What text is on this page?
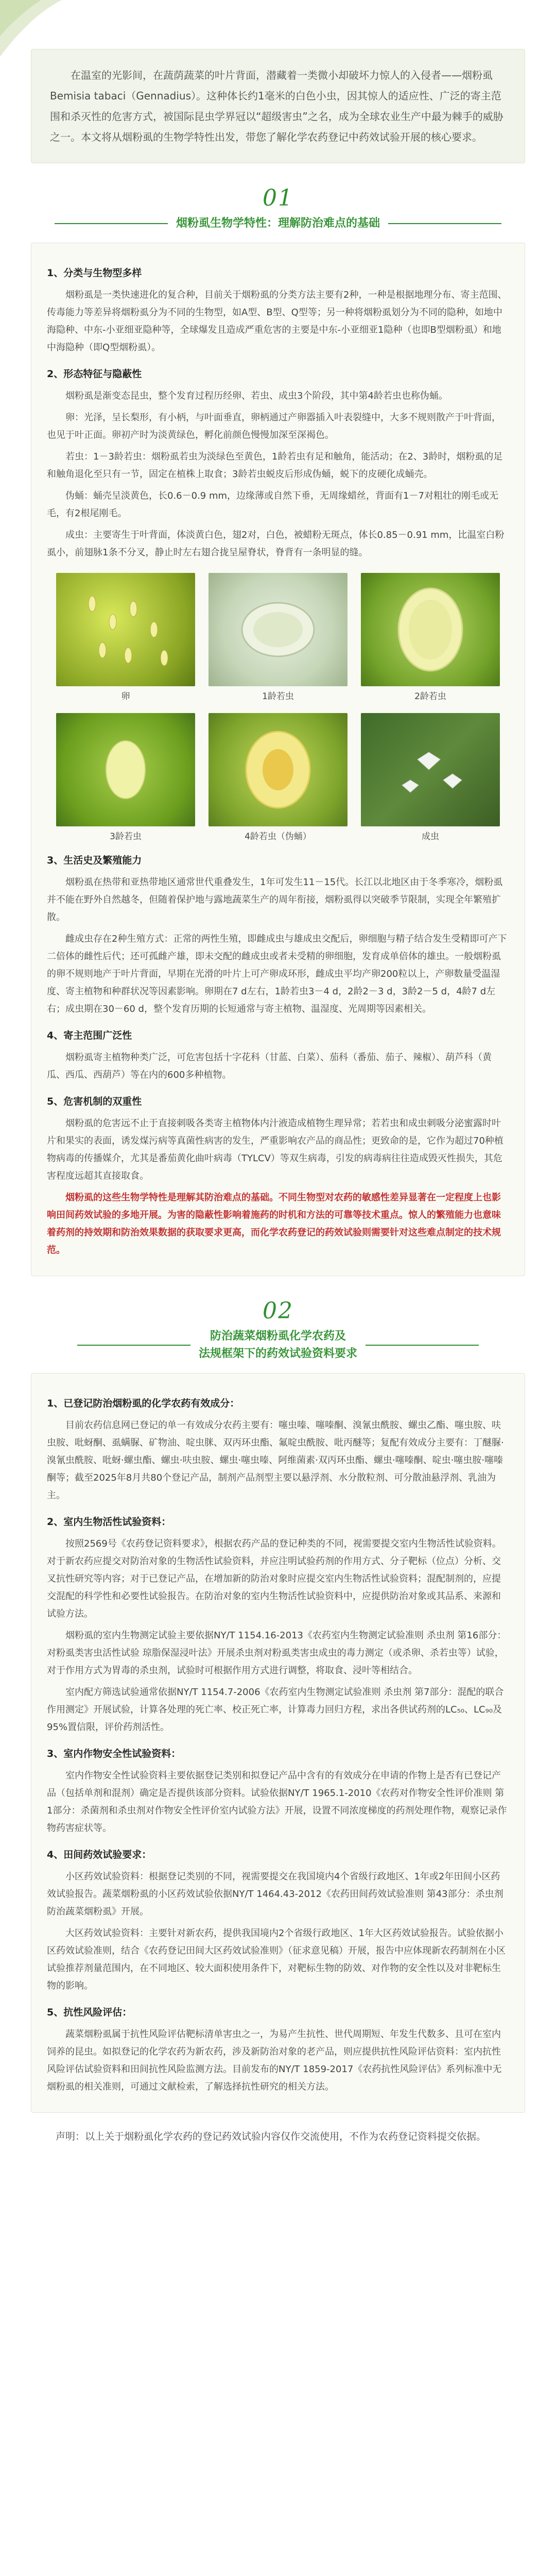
在温室的光影间，在蔬荫蔬菜的叶片背面，潜藏着一类微小却破坏力惊人的入侵者——烟粉虱Bemisia tabaci（Gennadius）。这种体长约1毫米的白色小虫，因其惊人的适应性、广泛的寄主范围和杀灭性的危害方式，被国际昆虫学界冠以“超级害虫”之名，成为全球农业生产中最为棘手的威胁之一。本文将从烟粉虱的生物学特性出发，带您了解化学农药登记中药效试验开展的核心要求。
01
烟粉虱生物学特性：理解防治难点的基础
1、分类与生物型多样

烟粉虱是一类快速进化的复合种，目前关于烟粉虱的分类方法主要有2种，一种是根据地理分布、寄主范围、传毒能力等差异将烟粉虱分为不同的生物型，如A型、B型、Q型等；另一种将烟粉虱划分为不同的隐种，如地中海隐种、中东-小亚细亚隐种等，全球爆发且造成严重危害的主要是中东-小亚细亚1隐种（也即B型烟粉虱）和地中海隐种（即Q型烟粉虱）。

2、形态特征与隐蔽性

烟粉虱是渐变态昆虫，整个发育过程历经卵、若虫、成虫3个阶段，其中第4龄若虫也称伪蛹。

卵：光泽，呈长梨形，有小柄，与叶面垂直，卵柄通过产卵器插入叶表裂缝中，大多不规则散产于叶背面，也见于叶正面。卵初产时为淡黄绿色，孵化前颜色慢慢加深至深褐色。

若虫：1－3龄若虫：烟粉虱若虫为淡绿色至黄色，1龄若虫有足和触角，能活动；在2、3龄时，烟粉虱的足和触角退化至只有一节，固定在植株上取食；3龄若虫蜕皮后形成伪蛹，蜕下的皮硬化成蛹壳。

伪蛹：蛹壳呈淡黄色，长0.6－0.9 mm，边缘薄或自然下垂，无周缘蜡丝，背面有1－7对粗壮的刚毛或无毛，有2根尾刚毛。

成虫：主要寄生于叶背面，体淡黄白色，翅2对，白色，被蜡粉无斑点，体长0.85－0.91 mm，比温室白粉虱小，前翅脉1条不分叉，静止时左右翅合拢呈屋脊状，脊背有一条明显的缝。

卵	1龄若虫	2龄若虫
3龄若虫	4龄若虫（伪蛹）	成虫
3、生活史及繁殖能力

烟粉虱在热带和亚热带地区通常世代重叠发生，1年可发生11－15代。长江以北地区由于冬季寒冷，烟粉虱并不能在野外自然越冬，但随着保护地与露地蔬菜生产的周年衔接，烟粉虱得以突破季节限制，实现全年繁殖扩散。

雌成虫存在2种生殖方式：正常的两性生殖，即雌成虫与雄成虫交配后，卵细胞与精子结合发生受精即可产下二倍体的雌性后代；还可孤雌产雄，即未交配的雌成虫或者未受精的卵细胞，发育成单倍体的雄虫。一般烟粉虱的卵不规则地产于叶片背面，早期在光滑的叶片上可产卵成环形，雌成虫平均产卵200粒以上，产卵数量受温湿度、寄主植物和种群状况等因素影响。卵期在7 d左右，1龄若虫3－4 d，2龄2－3 d，3龄2－5 d，4龄7 d左右；成虫期在30－60 d，整个发育历期的长短通常与寄主植物、温湿度、光周期等因素相关。

4、寄主范围广泛性

烟粉虱寄主植物种类广泛，可危害包括十字花科（甘蓝、白菜）、茄科（番茄、茄子、辣椒）、葫芦科（黄瓜、西瓜、西葫芦）等在内的600多种植物。

5、危害机制的双重性

烟粉虱的危害远不止于直接刺吸各类寄主植物体内汁液造成植物生理异常；若若虫和成虫刺吸分泌蜜露时叶片和果实的表面，诱发煤污病等真菌性病害的发生，严重影响农产品的商品性；更致命的是，它作为超过70种植物病毒的传播媒介，尤其是番茄黄化曲叶病毒（TYLCV）等双生病毒，引发的病毒病往往造成毁灭性损失，其危害程度远超其直接取食。

烟粉虱的这些生物学特性是理解其防治难点的基础。不同生物型对农药的敏感性差异显著在一定程度上也影响田间药效试验的多地开展。为害的隐蔽性影响着施药的时机和方法的可靠等技术重点。惊人的繁殖能力也意味着药剂的持效期和防治效果数据的获取要求更高，而化学农药登记的药效试验则需要针对这些难点制定的技术规范。

02
防治蔬菜烟粉虱化学农药及
法规框架下的药效试验资料要求
1、已登记防治烟粉虱的化学农药有效成分：

目前农药信息网已登记的单一有效成分农药主要有：噻虫嗪、噻嗪酮、溴氰虫酰胺、螺虫乙酯、噻虫胺、呋虫胺、吡蚜酮、虱螨脲、矿物油、啶虫脒、双丙环虫酯、氟啶虫酰胺、吡丙醚等；复配有效成分主要有：丁醚脲·溴氰虫酰胺、吡蚜·螺虫酯、螺虫·呋虫胺、螺虫·噻虫嗪、阿维菌素·双丙环虫酯、螺虫·噻嗪酮、啶虫·噻虫胺·噻嗪酮等；截至2025年8月共80个登记产品，制剂产品剂型主要以悬浮剂、水分散粒剂、可分散油悬浮剂、乳油为主。

2、室内生物活性试验资料：

按照2569号《农药登记资料要求》，根据农药产品的登记种类的不同，视需要提交室内生物活性试验资料。对于新农药应提交对防治对象的生物活性试验资料，并应注明试验药剂的作用方式、分子靶标（位点）分析、交叉抗性研究等内容；对于已登记产品，在增加新的防治对象时应提交室内生物活性试验资料；混配制剂的，应提交混配的科学性和必要性试验报告。在防治对象的室内生物活性试验资料中，应提供防治对象或其品系、来源和试验方法。

烟粉虱的室内生物测定试验主要依据NY/T 1154.16-2013《农药室内生物测定试验准则 杀虫剂 第16部分：对粉虱类害虫活性试验 琼脂保湿浸叶法》开展杀虫剂对粉虱类害虫成虫的毒力测定（或杀卵、杀若虫等）试验，对于作用方式为胃毒的杀虫剂，试验时可根据作用方式进行调整，将取食、浸叶等相结合。

室内配方筛选试验通常依据NY/T 1154.7-2006《农药室内生物测定试验准则 杀虫剂 第7部分：混配的联合作用测定》开展试验，计算各处理的死亡率、校正死亡率，计算毒力回归方程，求出各供试药剂的LC₅₀、LC₉₀及95%置信限，评价药剂活性。

3、室内作物安全性试验资料：

室内作物安全性试验资料主要依据登记类别和拟登记产品中含有的有效成分在申请的作物上是否有已登记产品（包括单剂和混剂）确定是否提供该部分资料。试验依据NY/T 1965.1-2010《农药对作物安全性评价准则 第1部分：杀菌剂和杀虫剂对作物安全性评价室内试验方法》开展，设置不同浓度梯度的药剂处理作物，观察记录作物药害症状等。

4、田间药效试验要求：

小区药效试验资料：根据登记类别的不同，视需要提交在我国境内4个省级行政地区、1年或2年田间小区药效试验报告。蔬菜烟粉虱的小区药效试验依据NY/T 1464.43-2012《农药田间药效试验准则 第43部分：杀虫剂防治蔬菜烟粉虱》开展。

大区药效试验资料：主要针对新农药，提供我国境内2个省级行政地区、1年大区药效试验报告。试验依据小区药效试验准则，结合《农药登记田间大区药效试验准则》（征求意见稿）开展，报告中应体现新农药制剂在小区试验推荐剂量范围内，在不同地区、较大面积使用条件下，对靶标生物的防效、对作物的安全性以及对非靶标生物的影响。

5、抗性风险评估：

蔬菜烟粉虱属于抗性风险评估靶标清单害虫之一，为易产生抗性、世代周期短、年发生代数多、且可在室内饲养的昆虫。如拟登记的化学农药为新农药，涉及新防治对象的老产品，则应提供抗性风险评估资料：室内抗性风险评估试验资料和田间抗性风险监测方法。目前发布的NY/T 1859-2017《农药抗性风险评估》系列标准中无烟粉虱的相关准则，可通过文献检索，了解选择抗性研究的相关方法。

声明：以上关于烟粉虱化学农药的登记药效试验内容仅作交流使用，不作为农药登记资料提交依据。
